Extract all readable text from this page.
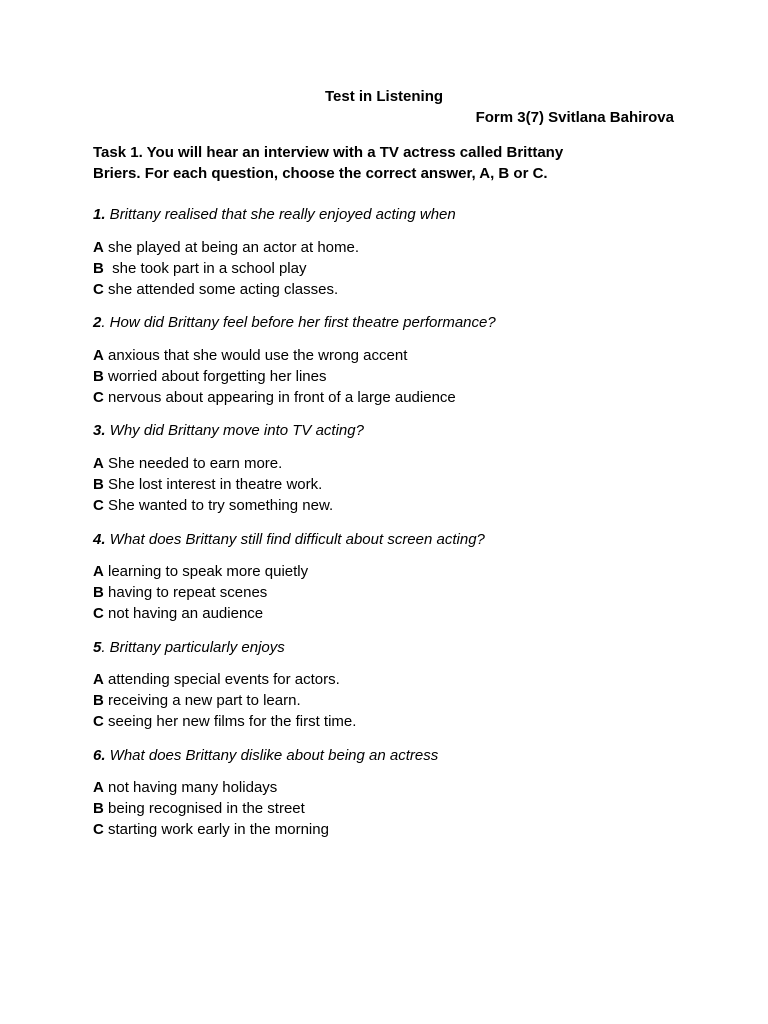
Test in Listening
Form 3(7) Svitlana Bahirova
Task 1. You will hear an interview with a TV actress called Brittany
Briers. For each question, choose the correct answer, A, B or C.
1. Brittany realised that she really enjoyed acting when
A she played at being an actor at home.
B  she took part in a school play
C she attended some acting classes.
2. How did Brittany feel before her first theatre performance?
A anxious that she would use the wrong accent
B worried about forgetting her lines
C nervous about appearing in front of a large audience
3. Why did Brittany move into TV acting?
A She needed to earn more.
B She lost interest in theatre work.
C She wanted to try something new.
4. What does Brittany still find difficult about screen acting?
A learning to speak more quietly
B having to repeat scenes
C not having an audience
5. Brittany particularly enjoys
A attending special events for actors.
B receiving a new part to learn.
C seeing her new films for the first time.
6. What does Brittany dislike about being an actress
A not having many holidays
B being recognised in the street
C starting work early in the morning
